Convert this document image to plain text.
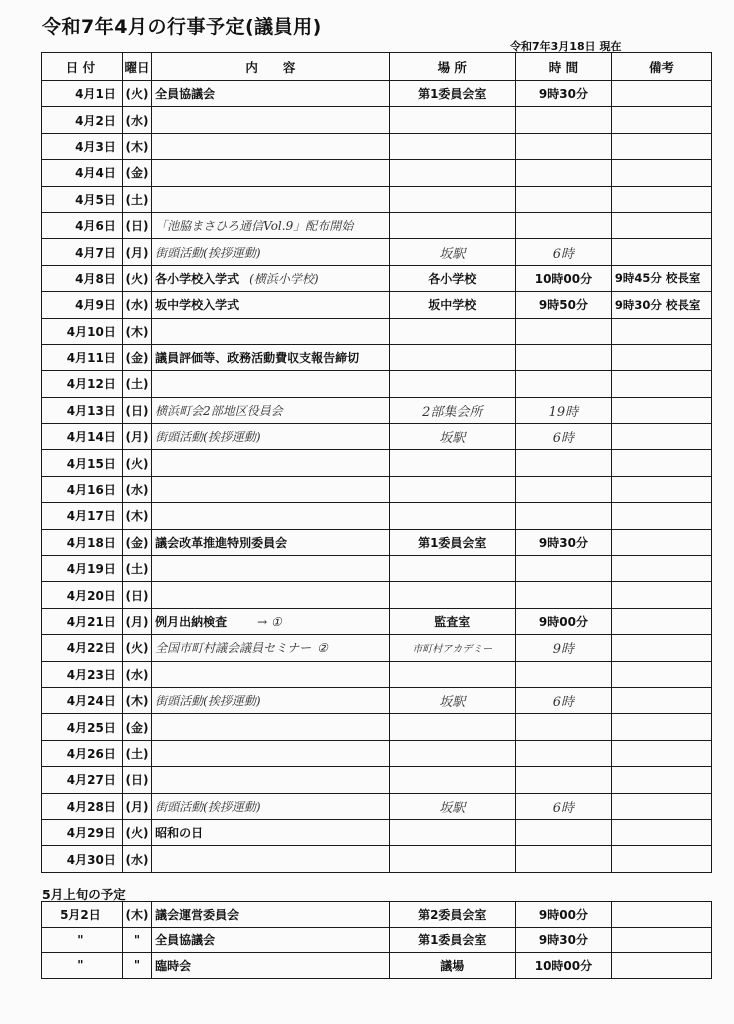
令和7年4月の行事予定(議員用)
令和7年3月18日 現在
日 付	曜日	内　　容	場 所	時 間	備考
4月1日	(火)	全員協議会	第1委員会室	9時30分	
4月2日	(水)				
4月3日	(木)				
4月4日	(金)				
4月5日	(土)				
4月6日	(日)	「池脇まさひろ通信Vol.9」配布開始			
4月7日	(月)	街頭活動(挨拶運動)	坂駅	6時	
4月8日	(火)	各小学校入学式 (横浜小学校)	各小学校	10時00分	9時45分 校長室
4月9日	(水)	坂中学校入学式	坂中学校	9時50分	9時30分 校長室
4月10日	(木)				
4月11日	(金)	議員評価等、政務活動費収支報告締切			
4月12日	(土)				
4月13日	(日)	横浜町会2部地区役員会	2部集会所	19時	
4月14日	(月)	街頭活動(挨拶運動)	坂駅	6時	
4月15日	(火)				
4月16日	(水)				
4月17日	(木)				
4月18日	(金)	議会改革推進特別委員会	第1委員会室	9時30分	
4月19日	(土)				
4月20日	(日)				
4月21日	(月)	例月出納検査 → ①	監査室	9時00分	
4月22日	(火)	全国市町村議会議員セミナー ②	市町村アカデミー	9時	
4月23日	(水)				
4月24日	(木)	街頭活動(挨拶運動)	坂駅	6時	
4月25日	(金)				
4月26日	(土)				
4月27日	(日)				
4月28日	(月)	街頭活動(挨拶運動)	坂駅	6時	
4月29日	(火)	昭和の日			
4月30日	(水)				
5月上旬の予定
5月2日	(木)	議会運営委員会	第2委員会室	9時00分	
"	"	全員協議会	第1委員会室	9時30分	
"	"	臨時会	議場	10時00分	
